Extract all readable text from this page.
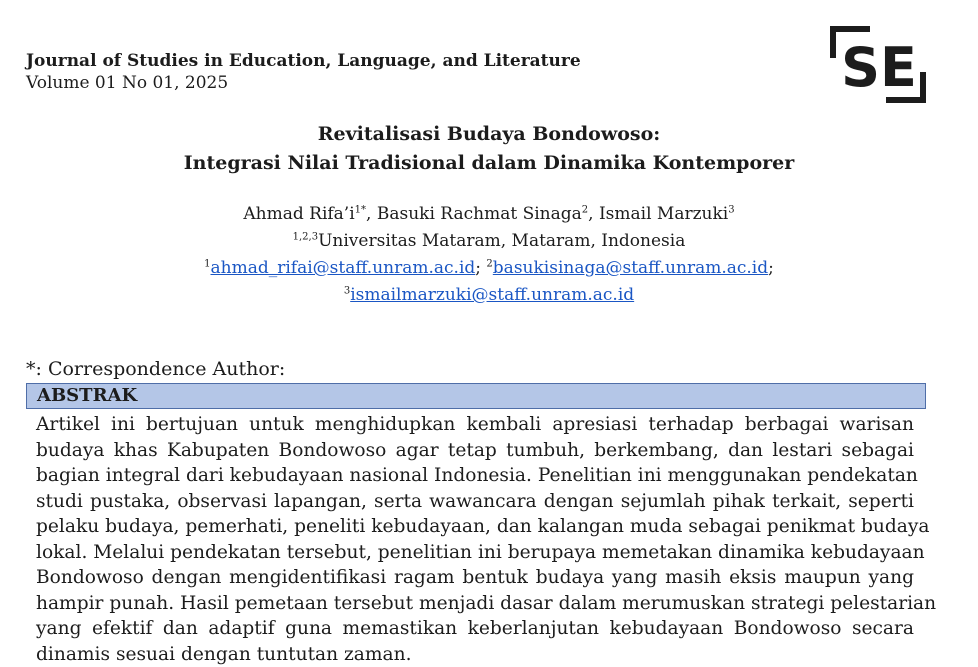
Journal of Studies in Education, Language, and Literature
Volume 01 No 01, 2025	SE
Revitalisasi Budaya Bondowoso:
Integrasi Nilai Tradisional dalam Dinamika Kontemporer
Ahmad $Rifa’i^{1*}$, Basuki Rachmat Sinaga$^2$, Ismail Marzuki$^3$
$^{1,2,3}$Universitas Mataram, Mataram, Indonesia
$^1$ahmad_rifai@staff.unram.ac.id; $^2$basukisinaga@staff.unram.ac.id;
$^3$ismailmarzuki@staff.unram.ac.id
*: Correspondence Author:
ABSTRAK
Artikel ini bertujuan untuk menghidupkan kembali apresiasi terhadap berbagai warisan
budaya khas Kabupaten Bondowoso agar tetap tumbuh, berkembang, dan lestari sebagai
bagian integral dari kebudayaan nasional Indonesia. Penelitian ini menggunakan pendekatan
studi pustaka, observasi lapangan, serta wawancara dengan sejumlah pihak terkait, seperti
pelaku budaya, pemerhati, peneliti kebudayaan, dan kalangan muda sebagai penikmat budaya
lokal. Melalui pendekatan tersebut, penelitian ini berupaya memetakan dinamika kebudayaan
Bondowoso dengan mengidentifikasi ragam bentuk budaya yang masih eksis maupun yang
hampir punah. Hasil pemetaan tersebut menjadi dasar dalam merumuskan strategi pelestarian
yang efektif dan adaptif guna memastikan keberlanjutan kebudayaan Bondowoso secara
dinamis sesuai dengan tuntutan zaman.
